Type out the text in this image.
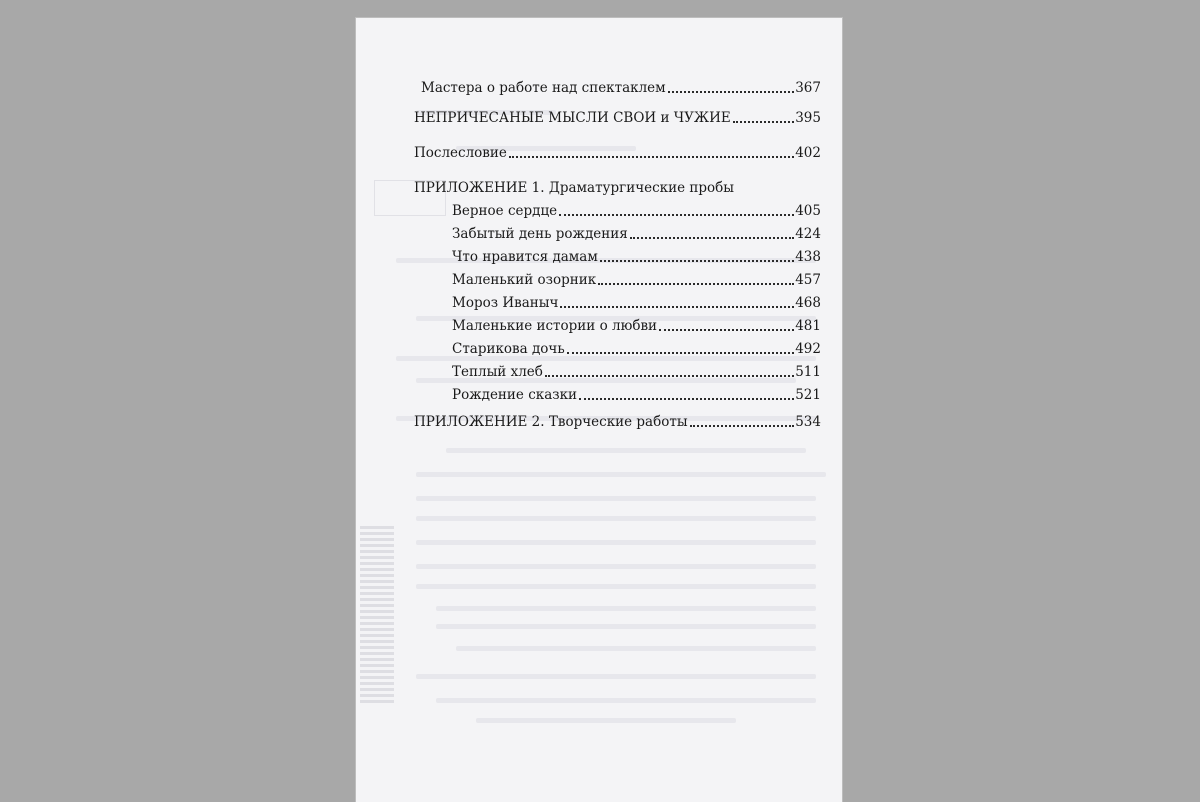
Мастера о работе над спектаклем	367
НЕПРИЧЕСАНЫЕ МЫСЛИ СВОИ и ЧУЖИЕ	395
Послесловие	402
ПРИЛОЖЕНИЕ 1. Драматургические пробы
Верное сердце	405
Забытый день рождения	424
Что нравится дамам	438
Маленький озорник	457
Мороз Иваныч	468
Маленькие истории о любви	481
Старикова дочь	492
Теплый хлеб	511
Рождение сказки	521
ПРИЛОЖЕНИЕ 2. Творческие работы	534
